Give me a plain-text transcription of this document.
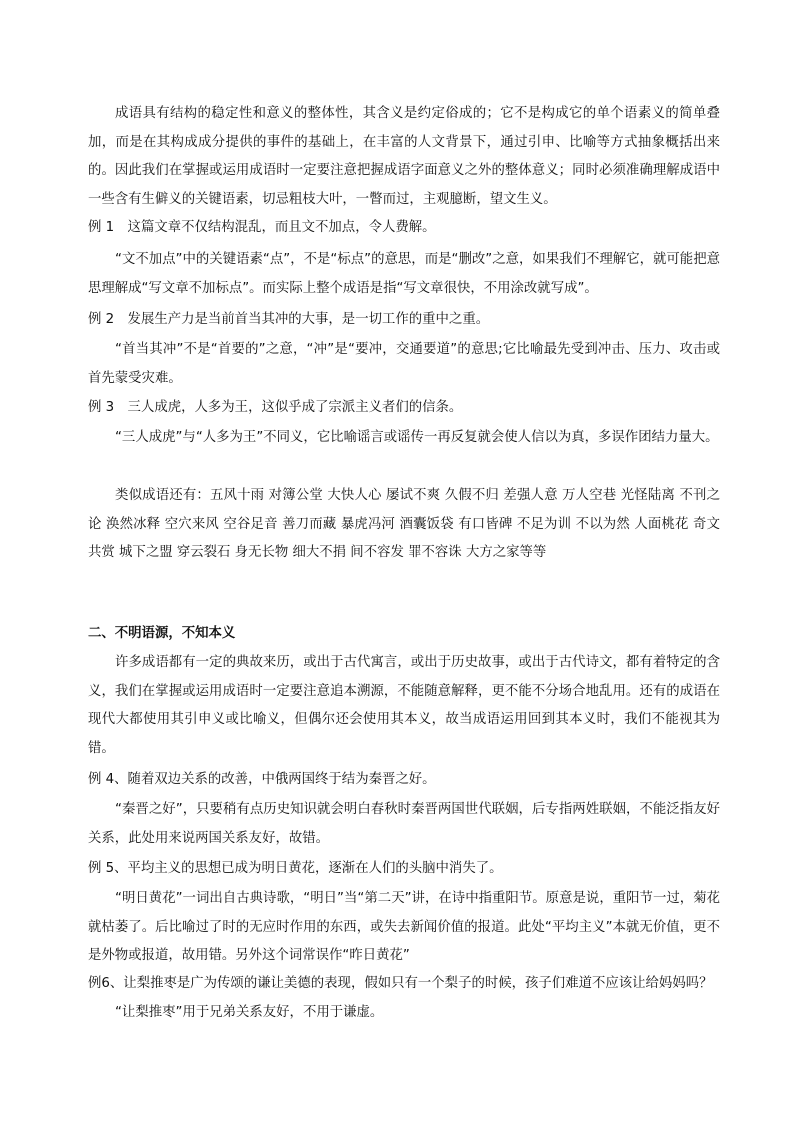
成语具有结构的稳定性和意义的整体性，其含义是约定俗成的；它不是构成它的单个语素义的简单叠加，而是在其构成成分提供的事件的基础上，在丰富的人文背景下，通过引申、比喻等方式抽象概括出来的。因此我们在掌握或运用成语时一定要注意把握成语字面意义之外的整体意义；同时必须准确理解成语中一些含有生僻义的关键语素，切忌粗枝大叶，一瞥而过，主观臆断，望文生义。

例 1　这篇文章不仅结构混乱，而且文不加点，令人费解。

“文不加点”中的关键语素“点”，不是“标点”的意思，而是“删改”之意，如果我们不理解它，就可能把意思理解成“写文章不加标点”。而实际上整个成语是指“写文章很快，不用涂改就写成”。

例 2　发展生产力是当前首当其冲的大事，是一切工作的重中之重。

“首当其冲”不是“首要的”之意，“冲”是“要冲，交通要道”的意思;它比喻最先受到冲击、压力、攻击或首先蒙受灾难。

例 3　三人成虎，人多为王，这似乎成了宗派主义者们的信条。

“三人成虎”与“人多为王”不同义，它比喻谣言或谣传一再反复就会使人信以为真，多误作团结力量大。

类似成语还有：五风十雨 对簿公堂 大快人心 屡试不爽 久假不归 差强人意 万人空巷 光怪陆离 不刊之论 涣然冰释 空穴来风 空谷足音 善刀而藏 暴虎冯河 酒囊饭袋 有口皆碑 不足为训 不以为然 人面桃花 奇文共赏 城下之盟 穿云裂石 身无长物 细大不捐 间不容发 罪不容诛 大方之家等等

二、不明语源，不知本义

许多成语都有一定的典故来历，或出于古代寓言，或出于历史故事，或出于古代诗文，都有着特定的含义，我们在掌握或运用成语时一定要注意追本溯源，不能随意解释，更不能不分场合地乱用。还有的成语在现代大都使用其引申义或比喻义，但偶尔还会使用其本义，故当成语运用回到其本义时，我们不能视其为错。

例 4、随着双边关系的改善，中俄两国终于结为秦晋之好。

“秦晋之好”，只要稍有点历史知识就会明白春秋时秦晋两国世代联姻，后专指两姓联姻，不能泛指友好关系，此处用来说两国关系友好，故错。

例 5、平均主义的思想已成为明日黄花，逐渐在人们的头脑中消失了。

“明日黄花”一词出自古典诗歌，“明日”当“第二天”讲，在诗中指重阳节。原意是说，重阳节一过，菊花就枯萎了。后比喻过了时的无应时作用的东西，或失去新闻价值的报道。此处“平均主义”本就无价值，更不是外物或报道，故用错。另外这个词常误作“昨日黄花”

例6、让梨推枣是广为传颂的谦让美德的表现，假如只有一个梨子的时候，孩子们难道不应该让给妈妈吗？

“让梨推枣”用于兄弟关系友好，不用于谦虚。
